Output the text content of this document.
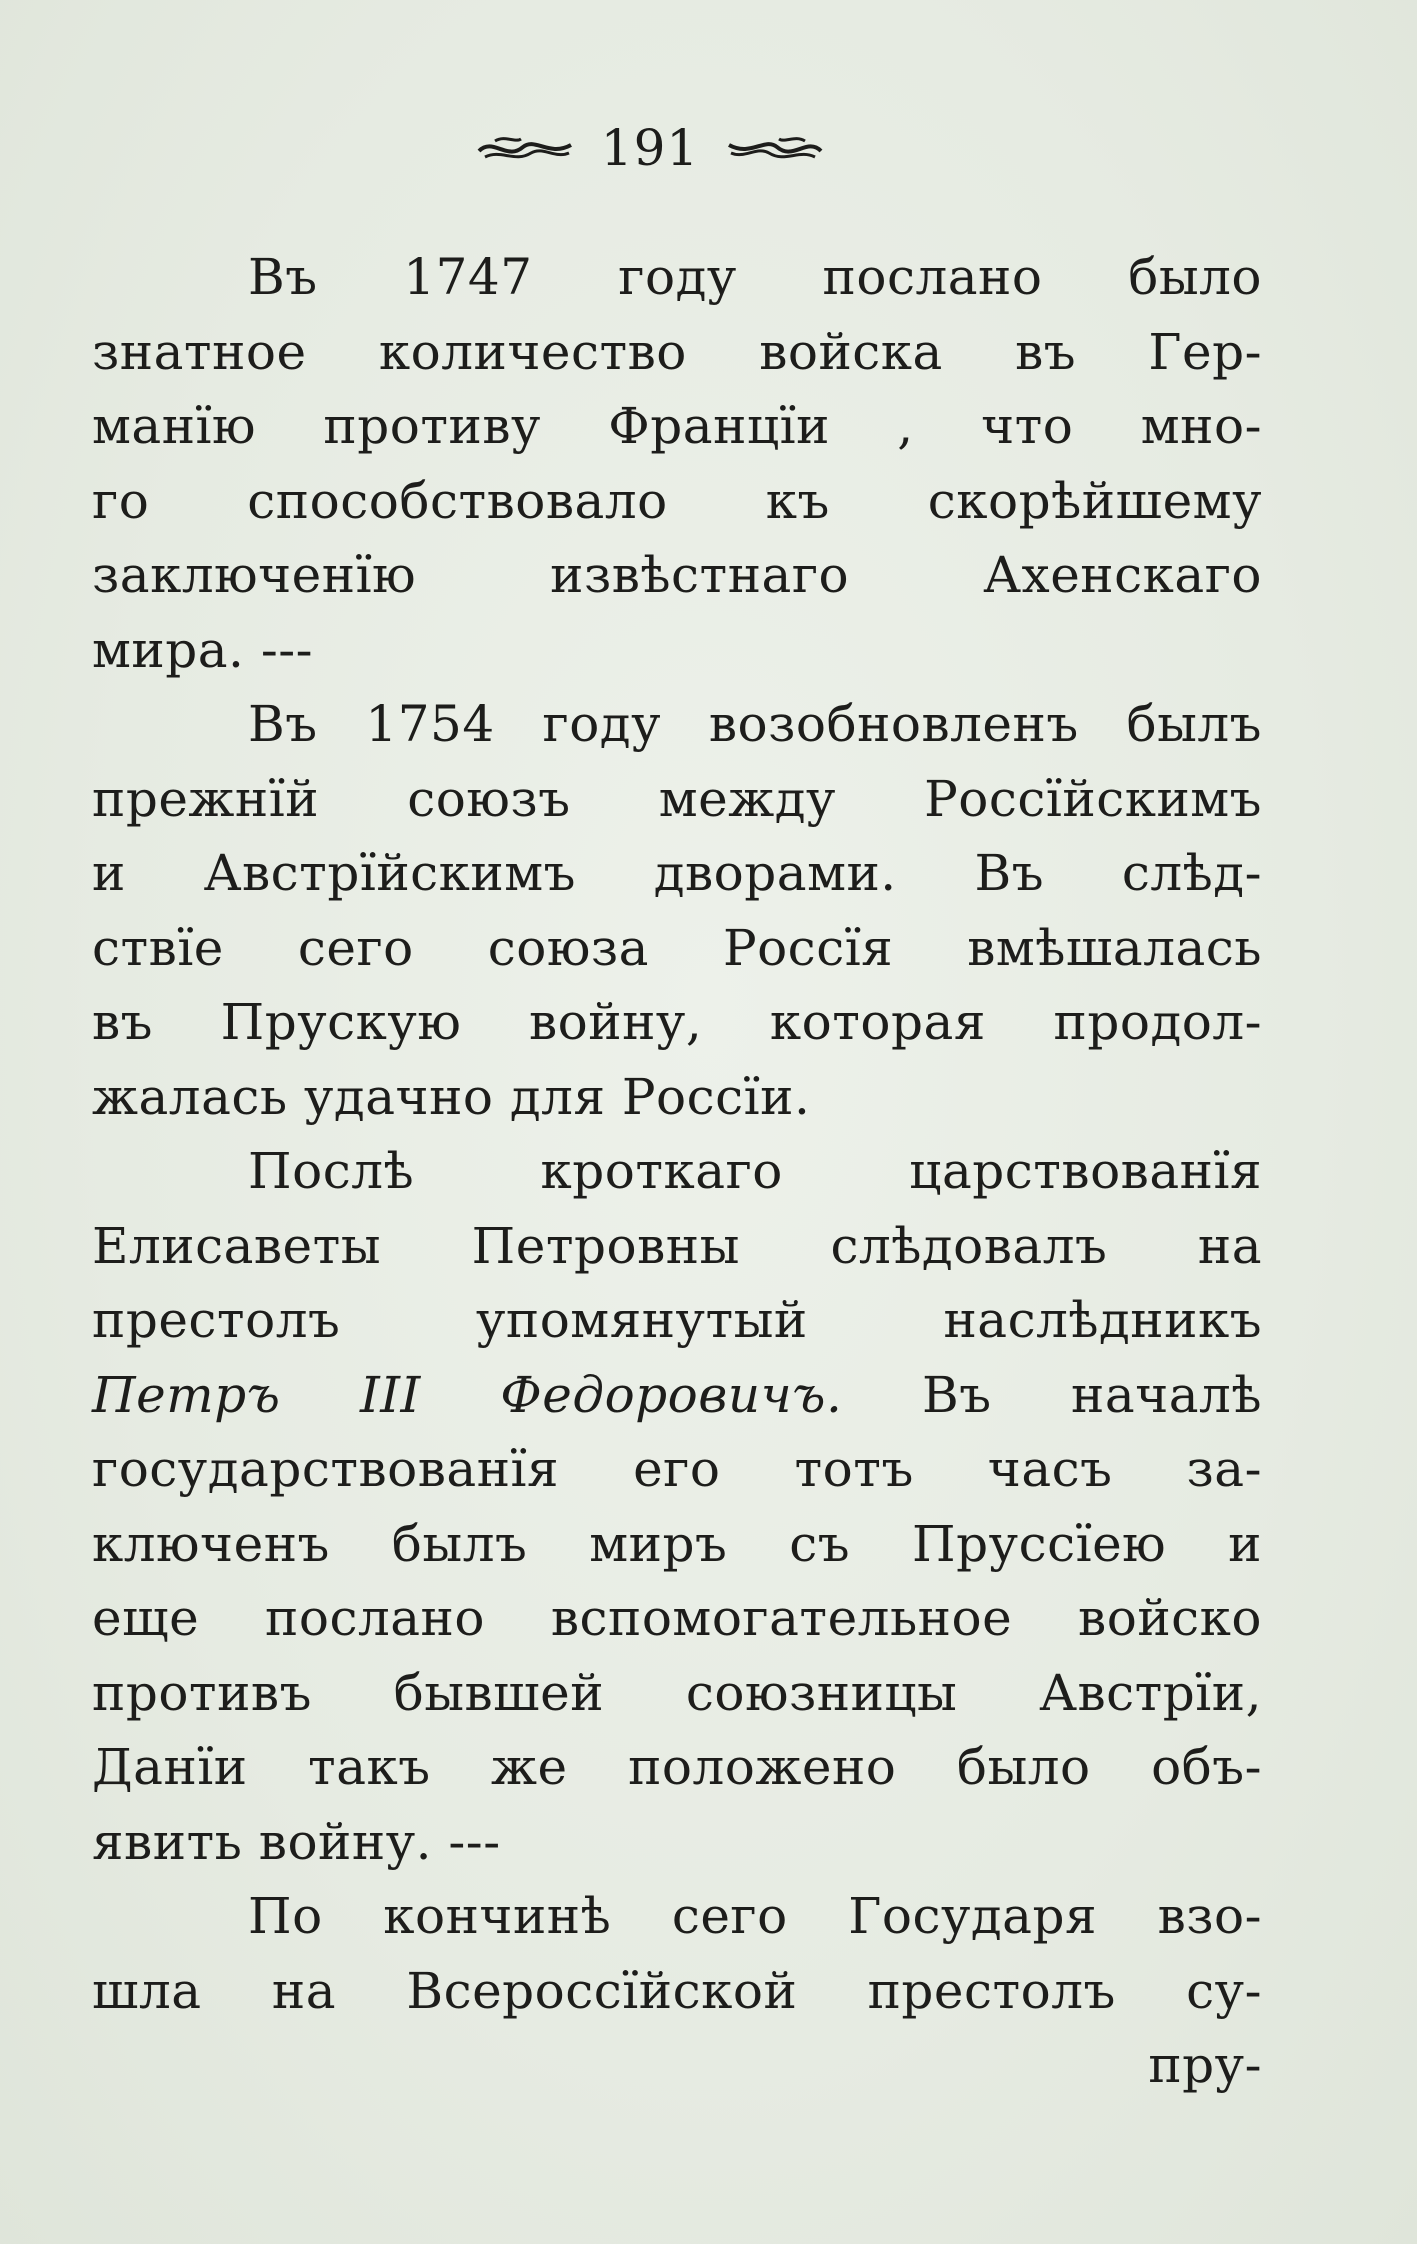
191
Въ 1747 году послано было
знатное количество войска въ Гер-
манїю противу Францїи , что мно-
го способствовало къ скорѣйшему
заключенїю извѣстнаго Ахенскаго
мира. ---
Въ 1754 году возобновленъ былъ
прежнїй союзъ между Россїйскимъ
и Австрїйскимъ дворами. Въ слѣд-
ствїе сего союза Россїя вмѣшалась
въ Прускую войну, которая продол-
жалась удачно для Россїи.
Послѣ кроткаго царствованїя
Елисаветы Петровны слѣдовалъ на
престолъ упомянутый наслѣдникъ
Петръ III Федоровичъ. Въ началѣ
государствованїя его тотъ часъ за-
ключенъ былъ миръ съ Пруссїею и
еще послано вспомогательное войско
противъ бывшей союзницы Австрїи,
Данїи такъ же положено было объ-
явить войну. ---
По кончинѣ сего Государя взо-
шла на Всероссїйской престолъ су-
пру-
